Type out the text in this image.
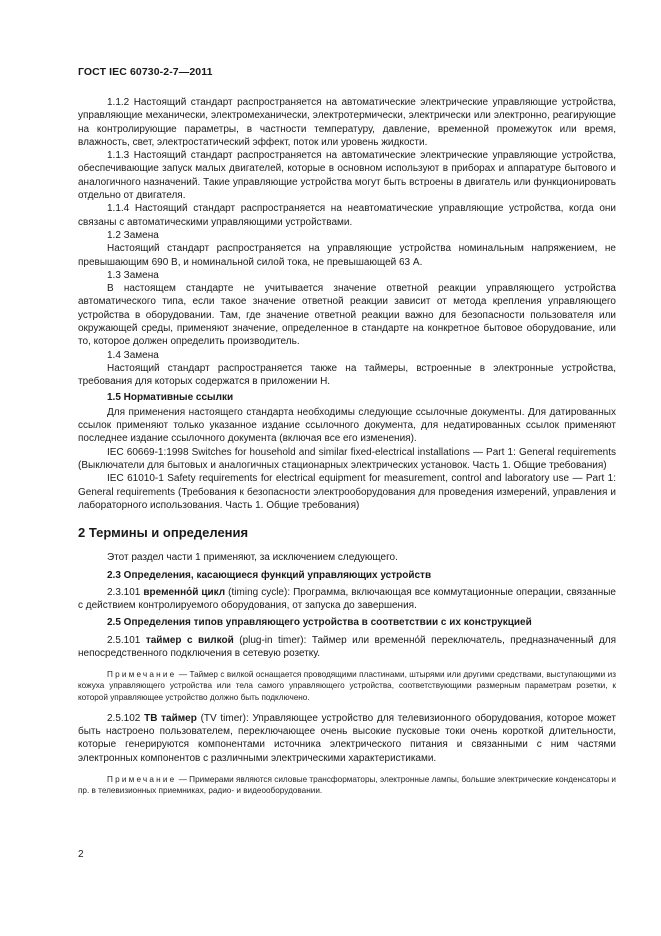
ГОСТ IEC 60730-2-7—2011

1.1.2 Настоящий стандарт распространяется на автоматические электрические управляющие устройства, управляющие механически, электромеханически, электротермически, электрически или электронно, реагирующие на контролирующие параметры, в частности температуру, давление, временной промежуток или время, влажность, свет, электростатический эффект, поток или уровень жидкости.

1.1.3 Настоящий стандарт распространяется на автоматические электрические управляющие устройства, обеспечивающие запуск малых двигателей, которые в основном используют в приборах и аппаратуре бытового и аналогичного назначений. Такие управляющие устройства могут быть встроены в двигатель или функционировать отдельно от двигателя.

1.1.4 Настоящий стандарт распространяется на неавтоматические управляющие устройства, когда они связаны с автоматическими управляющими устройствами.

1.2 Замена

Настоящий стандарт распространяется на управляющие устройства номинальным напряжением, не превышающим 690 В, и номинальной силой тока, не превышающей 63 А.

1.3 Замена

В настоящем стандарте не учитывается значение ответной реакции управляющего устройства автоматического типа, если такое значение ответной реакции зависит от метода крепления управляющего устройства в оборудовании. Там, где значение ответной реакции важно для безопасности пользователя или окружающей среды, применяют значение, определенное в стандарте на конкретное бытовое оборудование, или то, которое должен определить производитель.

1.4 Замена

Настоящий стандарт распространяется также на таймеры, встроенные в электронные устройства, требования для которых содержатся в приложении Н.

1.5 Нормативные ссылки

Для применения настоящего стандарта необходимы следующие ссылочные документы. Для датированных ссылок применяют только указанное издание ссылочного документа, для недатированных ссылок применяют последнее издание ссылочного документа (включая все его изменения).

IEC 60669-1:1998 Switches for household and similar fixed-electrical installations — Part 1: General requirements (Выключатели для бытовых и аналогичных стационарных электрических установок. Часть 1. Общие требования)

IEC 61010-1 Safety requirements for electrical equipment for measurement, control and laboratory use — Part 1: General requirements (Требования к безопасности электрооборудования для проведения измерений, управления и лабораторного использования. Часть 1. Общие требования)

2 Термины и определения

Этот раздел части 1 применяют, за исключением следующего.

2.3 Определения, касающиеся функций управляющих устройств

2.3.101 временно́й цикл (timing cycle): Программа, включающая все коммутационные операции, связанные с действием контролируемого оборудования, от запуска до завершения.

2.5 Определения типов управляющего устройства в соответствии с их конструкцией

2.5.101 таймер с вилкой (plug-in timer): Таймер или временно́й переключатель, предназначенный для непосредственного подключения в сетевую розетку.

Примечание — Таймер с вилкой оснащается проводящими пластинами, штырями или другими средствами, выступающими из кожуха управляющего устройства или тела самого управляющего устройства, соответствующими размерным параметрам розетки, к которой управляющее устройство должно быть подключено.

2.5.102 ТВ таймер (TV timer): Управляющее устройство для телевизионного оборудования, которое может быть настроено пользователем, переключающее очень высокие пусковые токи очень короткой длительности, которые генерируются компонентами источника электрического питания и связанными с ним частями электронных компонентов с различными электрическими характеристиками.

Примечание — Примерами являются силовые трансформаторы, электронные лампы, большие электрические конденсаторы и пр. в телевизионных приемниках, радио- и видеооборудовании.

2
